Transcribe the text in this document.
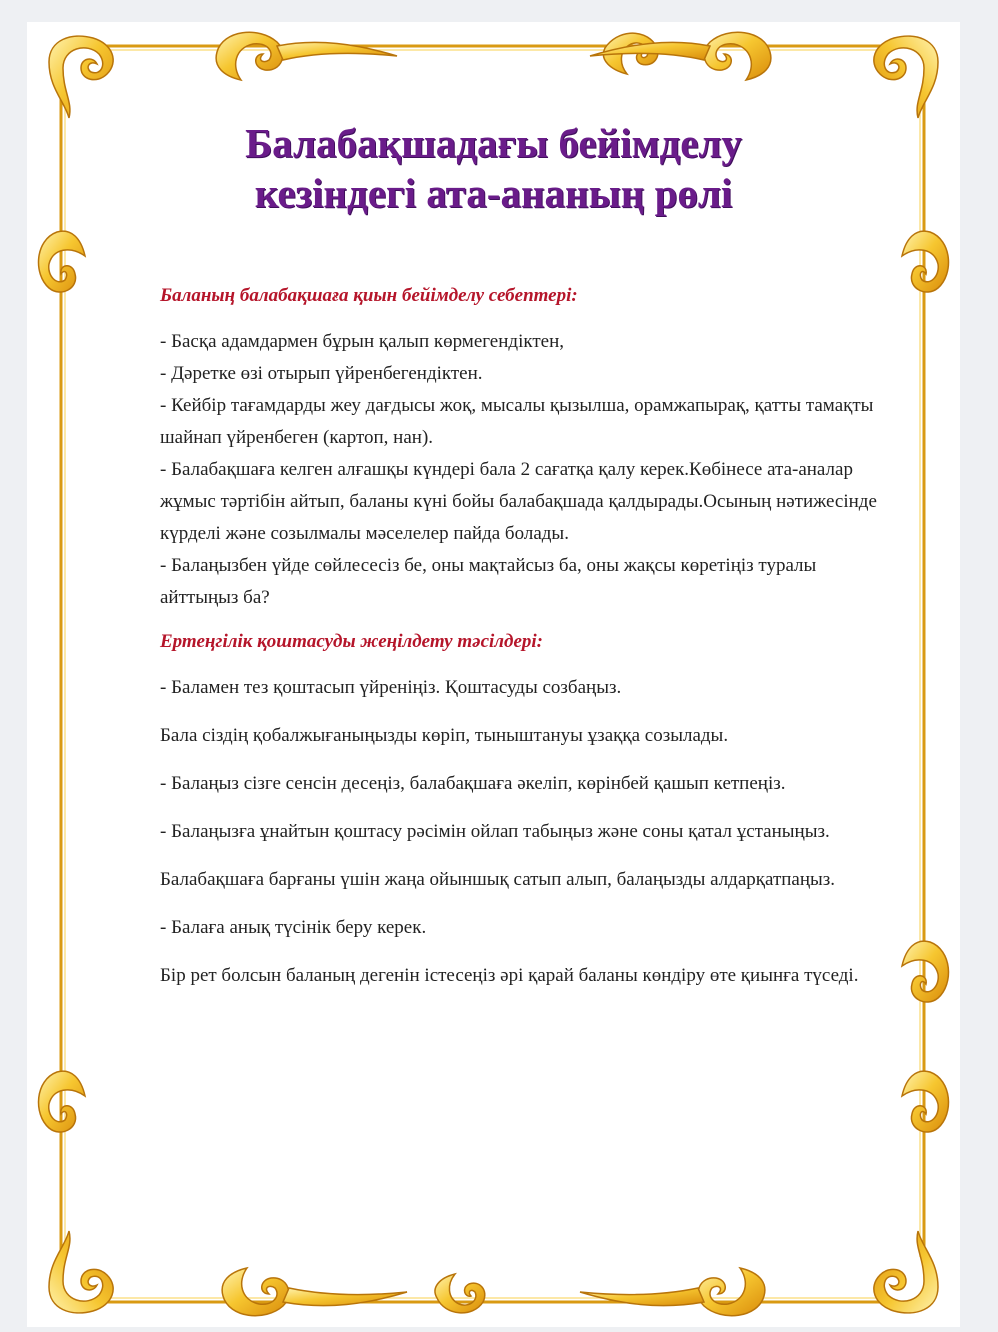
Балабақшадағы бейімделу
кезіндегі ата-ананың рөлі

Баланың балабақшаға қиын бейімделу себептері:

- Басқа адамдармен бұрын қалып көрмегендіктен,

- Дәретке өзі отырып үйренбегендіктен.

- Кейбір тағамдарды жеу дағдысы жоқ, мысалы қызылша, орамжапырақ, қатты тамақты шайнап үйренбеген (картоп, нан).

- Балабақшаға келген алғашқы күндері бала 2 сағатқа қалу керек.Көбінесе ата-аналар жұмыс тәртібін айтып, баланы күні бойы балабақшада қалдырады.Осының нәтижесінде күрделі және созылмалы мәселелер пайда болады.

- Балаңызбен үйде сөйлесесіз бе, оны мақтайсыз ба, оны жақсы көретіңіз туралы айттыңыз ба?

Ертеңгілік қоштасуды жеңілдету тәсілдері:

- Баламен тез қоштасып үйреніңіз. Қоштасуды созбаңыз.

Бала сіздің қобалжығаныңызды көріп, тыныштануы ұзаққа созылады.

- Балаңыз сізге сенсін десеңіз, балабақшаға әкеліп, көрінбей қашып кетпеңіз.

- Балаңызға ұнайтын қоштасу рәсімін ойлап табыңыз және соны қатал ұстаныңыз.

Балабақшаға барғаны үшін жаңа ойыншық сатып алып, балаңызды алдарқатпаңыз.

- Балаға анық түсінік беру керек.

Бір рет болсын баланың дегенін істесеңіз әрі қарай баланы көндіру өте қиынға түседі.
